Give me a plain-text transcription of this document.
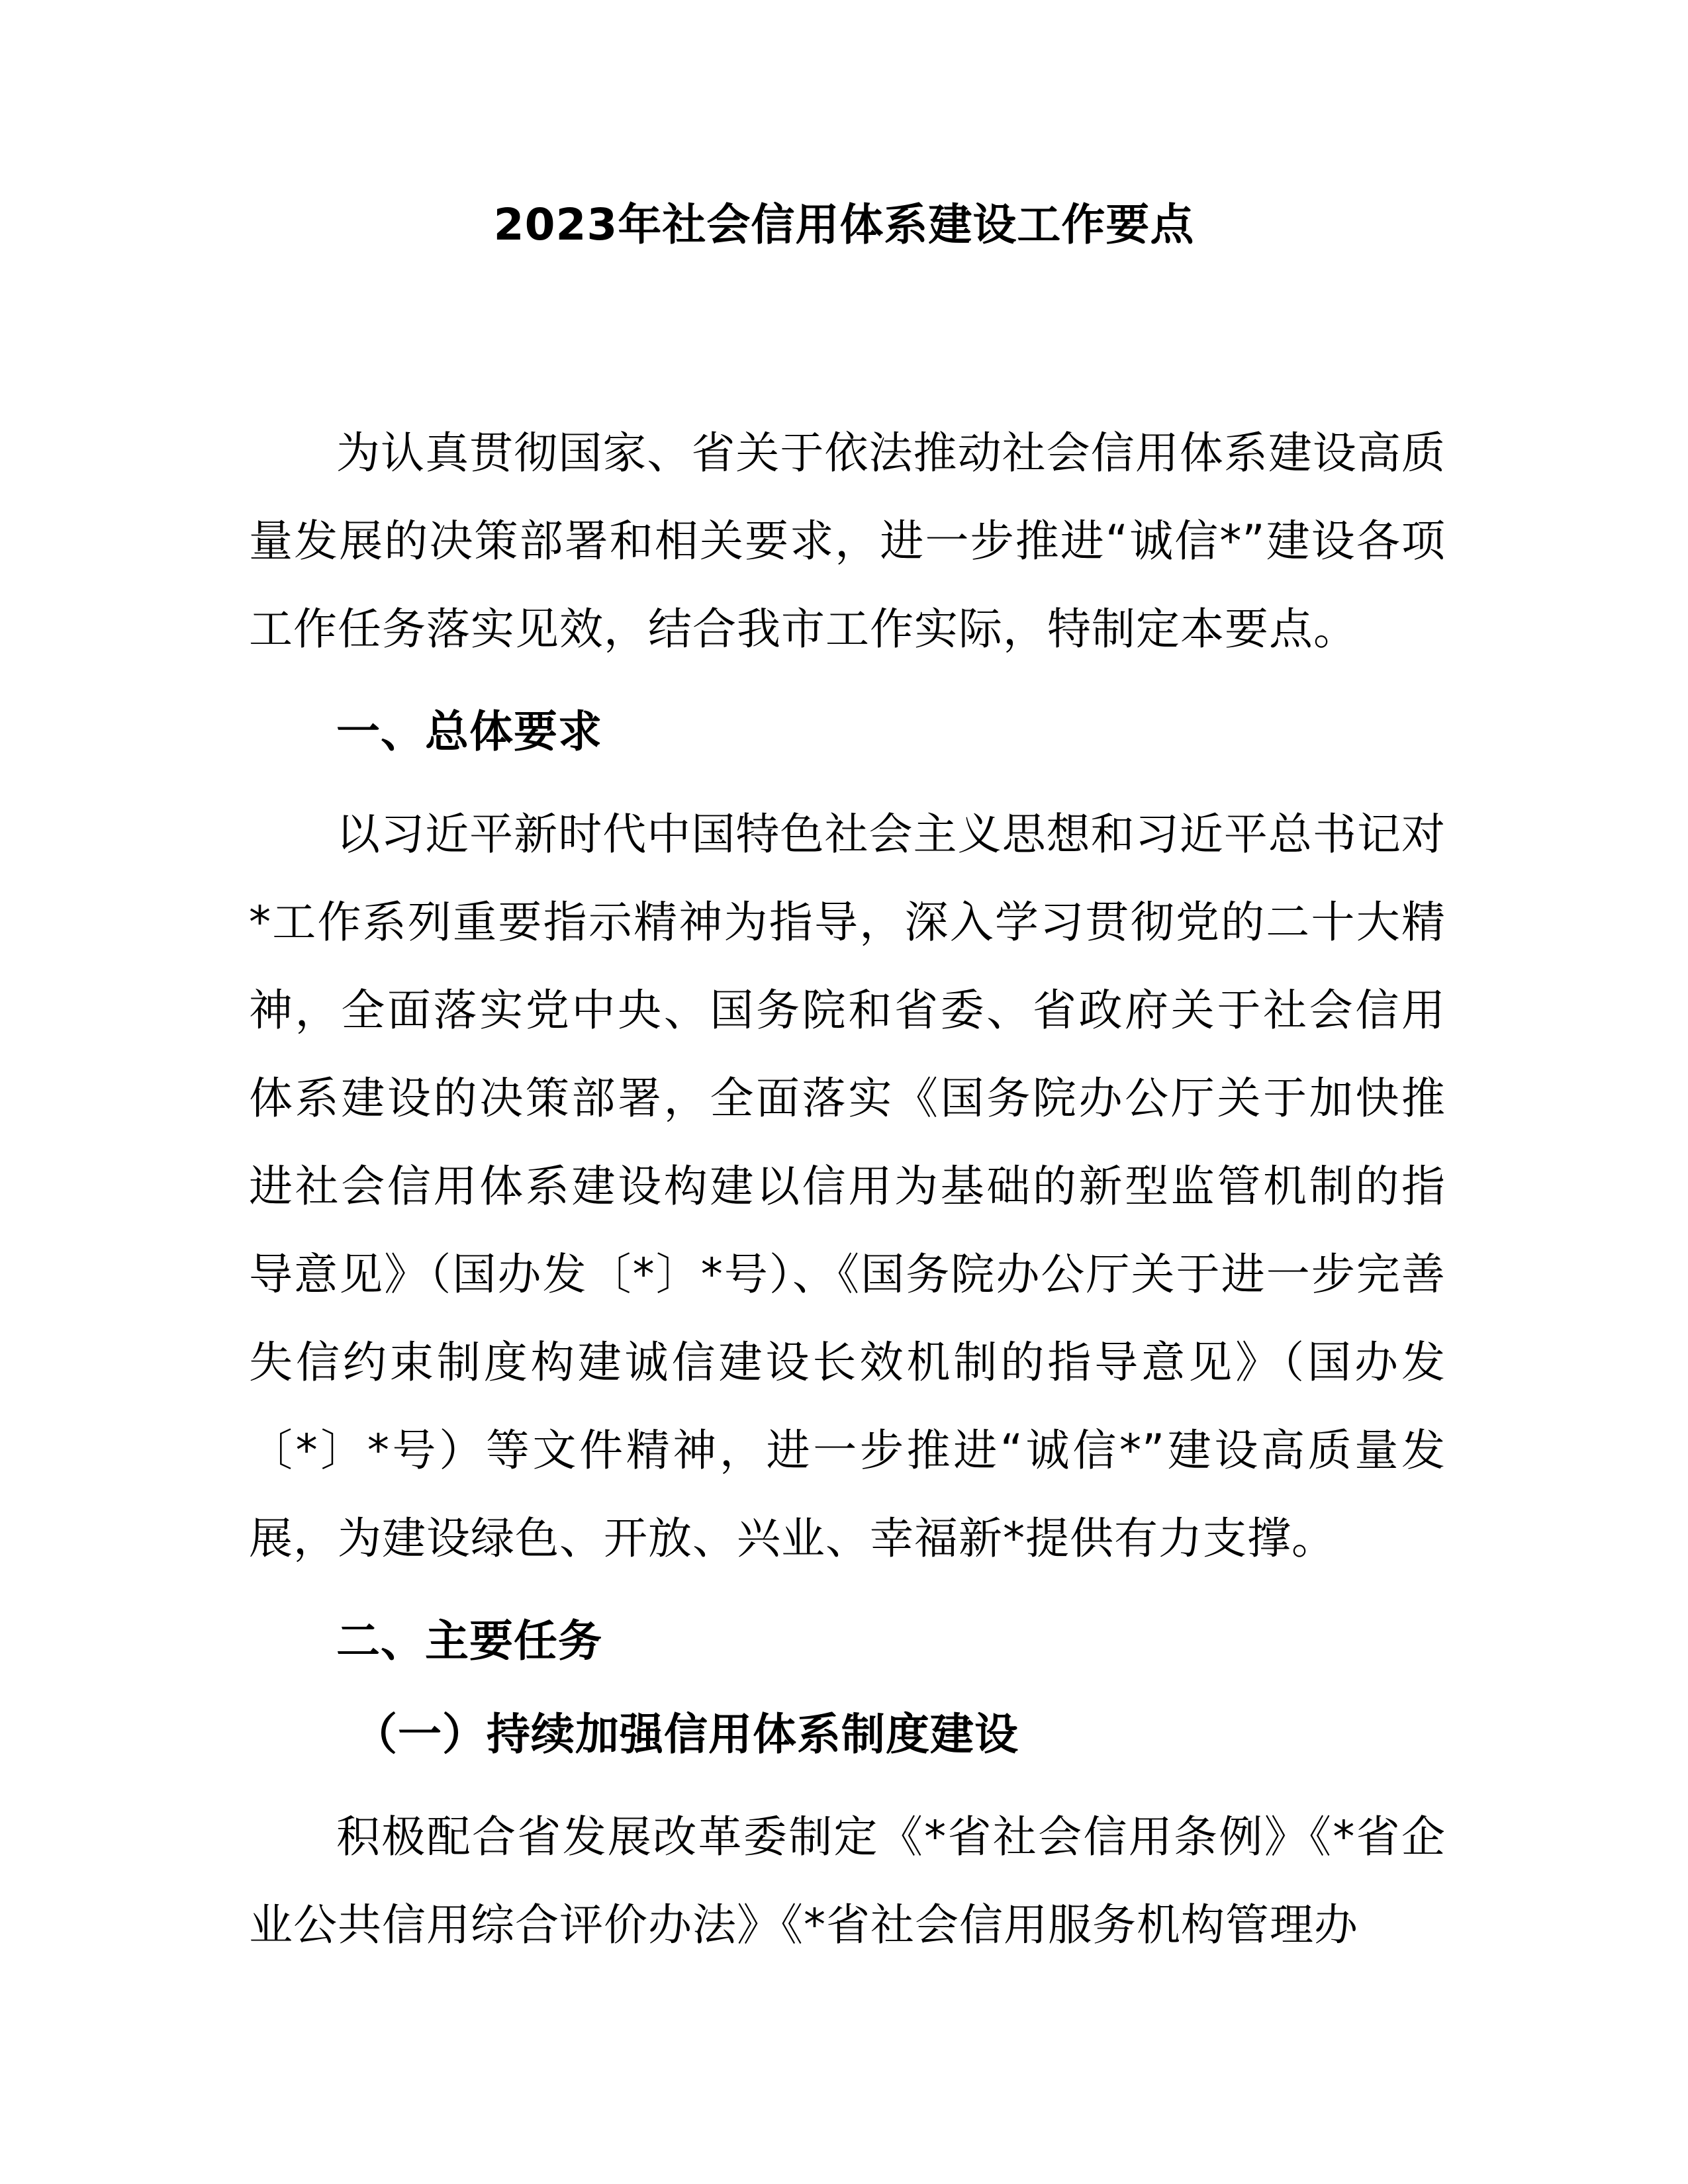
2023年社会信用体系建设工作要点

为认真贯彻国家、省关于依法推动社会信用体系建设高质量发展的决策部署和相关要求，进一步推进“诚信*”建设各项工作任务落实见效，结合我市工作实际，特制定本要点。

一、总体要求

以习近平新时代中国特色社会主义思想和习近平总书记对*工作系列重要指示精神为指导，深入学习贯彻党的二十大精神，全面落实党中央、国务院和省委、省政府关于社会信用体系建设的决策部署，全面落实《国务院办公厅关于加快推进社会信用体系建设构建以信用为基础的新型监管机制的指导意见》（国办发〔*〕*号）、《国务院办公厅关于进一步完善失信约束制度构建诚信建设长效机制的指导意见》（国办发〔*〕*号）等文件精神，进一步推进“诚信*”建设高质量发展，为建设绿色、开放、兴业、幸福新*提供有力支撑。

二、主要任务

（一）持续加强信用体系制度建设

积极配合省发展改革委制定《*省社会信用条例》《*省企业公共信用综合评价办法》《*省社会信用服务机构管理办
